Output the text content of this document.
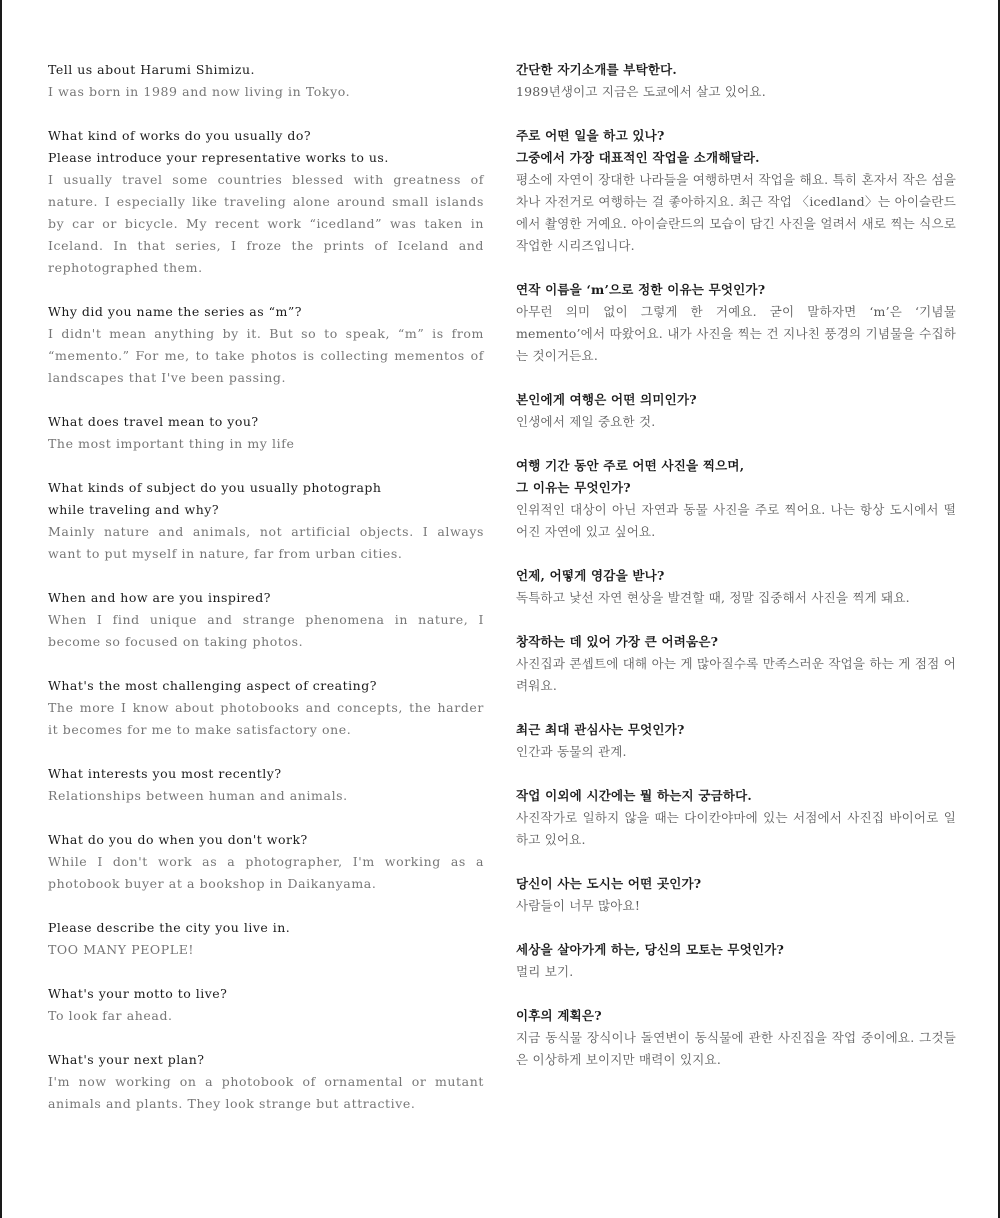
Tell us about Harumi Shimizu.

I was born in 1989 and now living in Tokyo.

What kind of works do you usually do?

Please introduce your representative works to us.

I usually travel some countries blessed with greatness of nature. I especially like traveling alone around small islands by car or bicycle. My recent work “icedland” was taken in Iceland. In that series, I froze the prints of Iceland and rephotographed them.

Why did you name the series as “m”?

I didn't mean anything by it. But so to speak, “m” is from “memento.” For me, to take photos is collecting mementos of landscapes that I've been passing.

What does travel mean to you?

The most important thing in my life

What kinds of subject do you usually photograph

while traveling and why?

Mainly nature and animals, not artificial objects. I always want to put myself in nature, far from urban cities.

When and how are you inspired?

When I find unique and strange phenomena in nature, I become so focused on taking photos.

What's the most challenging aspect of creating?

The more I know about photobooks and concepts, the harder it becomes for me to make satisfactory one.

What interests you most recently?

Relationships between human and animals.

What do you do when you don't work?

While I don't work as a photographer, I'm working as a photobook buyer at a bookshop in Daikanyama.

Please describe the city you live in.

TOO MANY PEOPLE!

What's your motto to live?

To look far ahead.

What's your next plan?

I'm now working on a photobook of ornamental or mutant animals and plants. They look strange but attractive.

간단한 자기소개를 부탁한다.

1989년생이고 지금은 도쿄에서 살고 있어요.

주로 어떤 일을 하고 있나?

그중에서 가장 대표적인 작업을 소개해달라.

평소에 자연이 장대한 나라들을 여행하면서 작업을 해요. 특히 혼자서 작은 섬을 차나 자전거로 여행하는 걸 좋아하지요. 최근 작업 〈icedland〉는 아이슬란드에서 촬영한 거예요. 아이슬란드의 모습이 담긴 사진을 얼려서 새로 찍는 식으로 작업한 시리즈입니다.

연작 이름을 ‘m’으로 정한 이유는 무엇인가?

아무런 의미 없이 그렇게 한 거예요. 굳이 말하자면 ‘m’은 ‘기념물 memento’에서 따왔어요. 내가 사진을 찍는 건 지나친 풍경의 기념물을 수집하는 것이거든요.

본인에게 여행은 어떤 의미인가?

인생에서 제일 중요한 것.

여행 기간 동안 주로 어떤 사진을 찍으며,

그 이유는 무엇인가?

인위적인 대상이 아닌 자연과 동물 사진을 주로 찍어요. 나는 항상 도시에서 떨어진 자연에 있고 싶어요.

언제, 어떻게 영감을 받나?

독특하고 낯선 자연 현상을 발견할 때, 정말 집중해서 사진을 찍게 돼요.

창작하는 데 있어 가장 큰 어려움은?

사진집과 콘셉트에 대해 아는 게 많아질수록 만족스러운 작업을 하는 게 점점 어려워요.

최근 최대 관심사는 무엇인가?

인간과 동물의 관계.

작업 이외에 시간에는 뭘 하는지 궁금하다.

사진작가로 일하지 않을 때는 다이칸야마에 있는 서점에서 사진집 바이어로 일하고 있어요.

당신이 사는 도시는 어떤 곳인가?

사람들이 너무 많아요!

세상을 살아가게 하는, 당신의 모토는 무엇인가?

멀리 보기.

이후의 계획은?

지금 동식물 장식이나 돌연변이 동식물에 관한 사진집을 작업 중이에요. 그것들은 이상하게 보이지만 매력이 있지요.
